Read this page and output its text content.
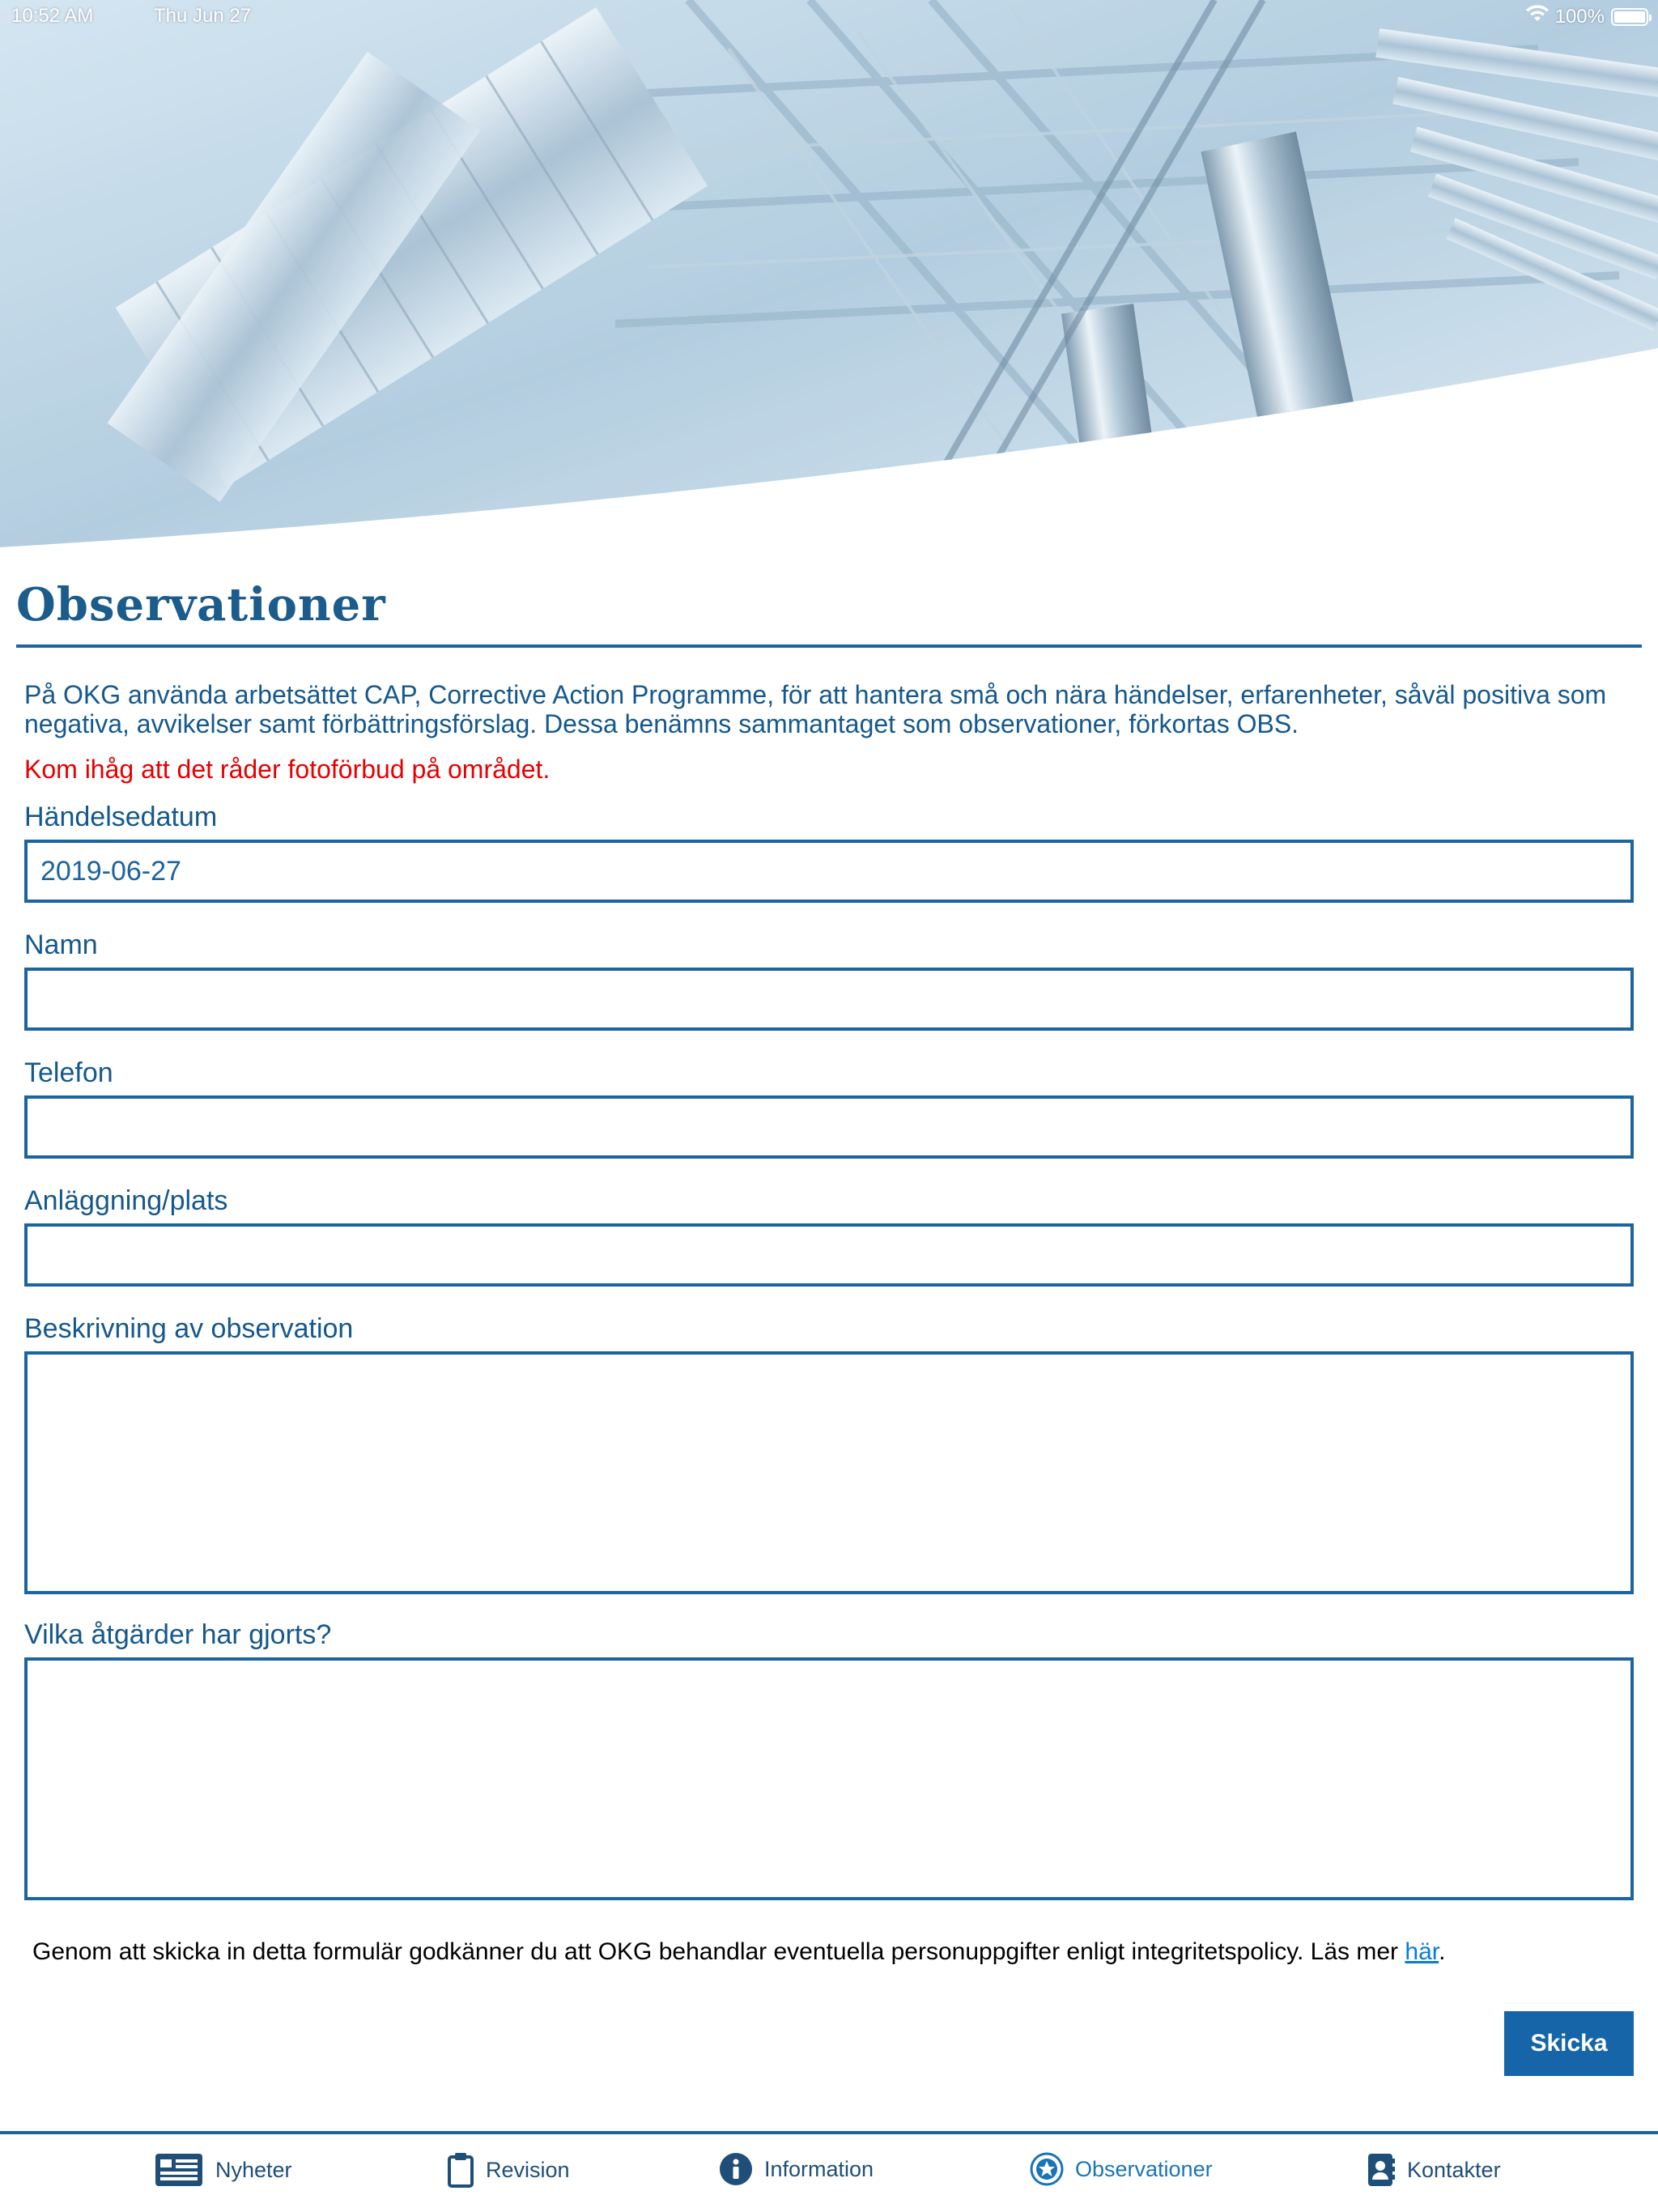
10:52 AM	Thu Jun 27	100%
Observationer

På OKG använda arbetsättet CAP, Corrective Action Programme, för att hantera små och nära händelser, erfarenheter, såväl positiva som negativa, avvikelser samt förbättringsförslag. Dessa benämns sammantaget som observationer, förkortas OBS.

Kom ihåg att det råder fotoförbud på området.

Händelsedatum
2019-06-27
Namn
Telefon
Anläggning/plats
Beskrivning av observation
Vilka åtgärder har gjorts?

Genom att skicka in detta formulär godkänner du att OKG behandlar eventuella personuppgifter enligt integritetspolicy. Läs mer här.

Skicka
Nyheter	Revision	Information	Observationer	Kontakter
